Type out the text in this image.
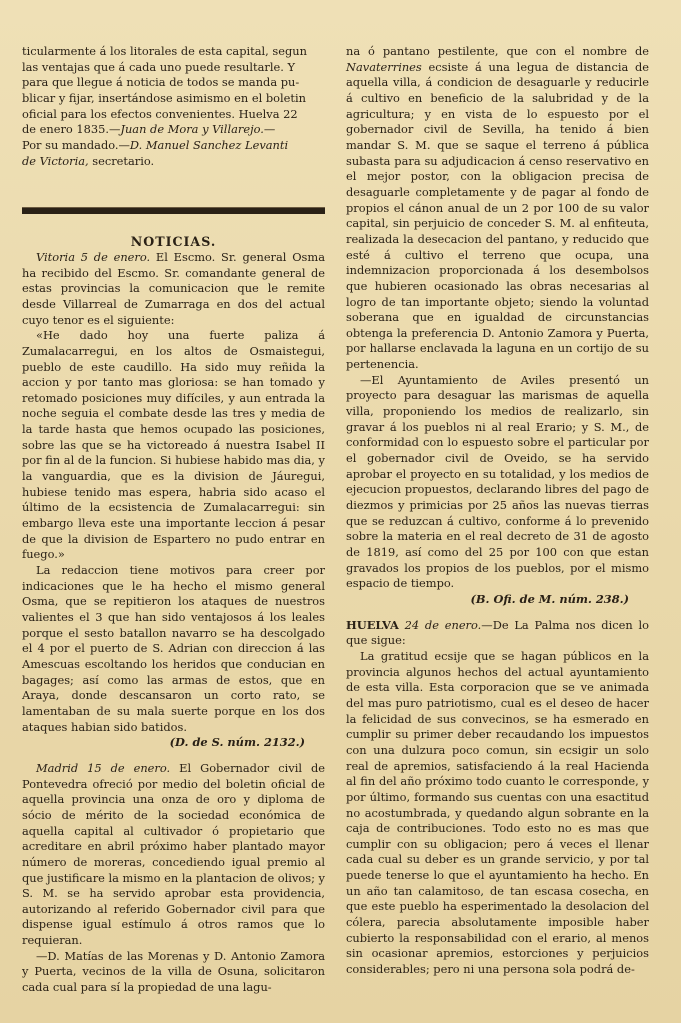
ticularmente á los litorales de esta capital, segun

las ventajas que á cada uno puede resultarle. Y

para que llegue á noticia de todos se manda pu-

blicar y fijar, insertándose asimismo en el boletin

oficial para los efectos convenientes. Huelva 22

de enero 1835.—Juan de Mora y Villarejo.—

Por su mandado.—D. Manuel Sanchez Levanti

de Victoria, secretario.

NOTICIAS.

Vitoria 5 de enero. El Escmo. Sr. general Osma ha recibido del Escmo. Sr. comandante general de estas provincias la comunicacion que le remite desde Villarreal de Zumarraga en dos del actual cuyo tenor es el siguiente:

«He dado hoy una fuerte paliza á Zumalacarregui, en los altos de Osmaistegui, pueblo de este caudillo. Ha sido muy reñida la accion y por tanto mas gloriosa: se han tomado y retomado posiciones muy difíciles, y aun entrada la noche seguia el combate desde las tres y media de la tarde hasta que hemos ocupado las posiciones, sobre las que se ha victoreado á nuestra Isabel II por fin al de la funcion. Si hubiese habido mas dia, y la vanguardia, que es la division de Jáuregui, hubiese tenido mas espera, habria sido acaso el último de la ecsistencia de Zumalacarregui: sin embargo lleva este una importante leccion á pesar de que la division de Espartero no pudo entrar en fuego.»

La redaccion tiene motivos para creer por indicaciones que le ha hecho el mismo general Osma, que se repitieron los ataques de nuestros valientes el 3 que han sido ventajosos á los leales porque el sesto batallon navarro se ha descolgado el 4 por el puerto de S. Adrian con direccion á las Amescuas escoltando los heridos que conducian en bagages; así como las armas de estos, que en Araya, donde descansaron un corto rato, se lamentaban de su mala suerte porque en los dos ataques habian sido batidos.

(D. de S. núm. 2132.)

Madrid 15 de enero. El Gobernador civil de Pontevedra ofreció por medio del boletin oficial de aquella provincia una onza de oro y diploma de sócio de mérito de la sociedad económica de aquella capital al cultivador ó propietario que acreditare en abril próximo haber plantado mayor número de moreras, concediendo igual premio al que justificare la mismo en la plantacion de olivos; y S. M. se ha servido aprobar esta providencia, autorizando al referido Gobernador civil para que dispense igual estímulo á otros ramos que lo requieran.

—D. Matías de las Morenas y D. Antonio Zamora y Puerta, vecinos de la villa de Osuna, solicitaron cada cual para sí la propiedad de una lagu-

na ó pantano pestilente, que con el nombre de Navaterrines ecsiste á una legua de distancia de aquella villa, á condicion de desaguarle y reducirle á cultivo en beneficio de la salubridad y de la agricultura; y en vista de lo espuesto por el gobernador civil de Sevilla, ha tenido á bien mandar S. M. que se saque el terreno á pública subasta para su adjudicacion á censo reservativo en el mejor postor, con la obligacion precisa de desaguarle completamente y de pagar al fondo de propios el cánon anual de un 2 por 100 de su valor capital, sin perjuicio de conceder S. M. al enfiteuta, realizada la desecacion del pantano, y reducido que esté á cultivo el terreno que ocupa, una indemnizacion proporcionada á los desembolsos que hubieren ocasionado las obras necesarias al logro de tan importante objeto; siendo la voluntad soberana que en igualdad de circunstancias obtenga la preferencia D. Antonio Zamora y Puerta, por hallarse enclavada la laguna en un cortijo de su pertenencia.

—El Ayuntamiento de Aviles presentó un proyecto para desaguar las marismas de aquella villa, proponiendo los medios de realizarlo, sin gravar á los pueblos ni al real Erario; y S. M., de conformidad con lo espuesto sobre el particular por el gobernador civil de Oveido, se ha servido aprobar el proyecto en su totalidad, y los medios de ejecucion propuestos, declarando libres del pago de diezmos y primicias por 25 años las nuevas tierras que se reduzcan á cultivo, conforme á lo prevenido sobre la materia en el real decreto de 31 de agosto de 1819, así como del 25 por 100 con que estan gravados los propios de los pueblos, por el mismo espacio de tiempo.

(B. Ofi. de M. núm. 238.)

HUELVA 24 de enero.—De La Palma nos dicen lo que sigue:

La gratitud ecsije que se hagan públicos en la provincia algunos hechos del actual ayuntamiento de esta villa. Esta corporacion que se ve animada del mas puro patriotismo, cual es el deseo de hacer la felicidad de sus convecinos, se ha esmerado en cumplir su primer deber recaudando los impuestos con una dulzura poco comun, sin ecsigir un solo real de apremios, satisfaciendo á la real Hacienda al fin del año próximo todo cuanto le corresponde, y por último, formando sus cuentas con una esactitud no acostumbrada, y quedando algun sobrante en la caja de contribuciones. Todo esto no es mas que cumplir con su obligacion; pero á veces el llenar cada cual su deber es un grande servicio, y por tal puede tenerse lo que el ayuntamiento ha hecho. En un año tan calamitoso, de tan escasa cosecha, en que este pueblo ha esperimentado la desolacion del cólera, parecia absolutamente imposible haber cubierto la responsabilidad con el erario, al menos sin ocasionar apremios, estorciones y perjuicios considerables; pero ni una persona sola podrá de-
